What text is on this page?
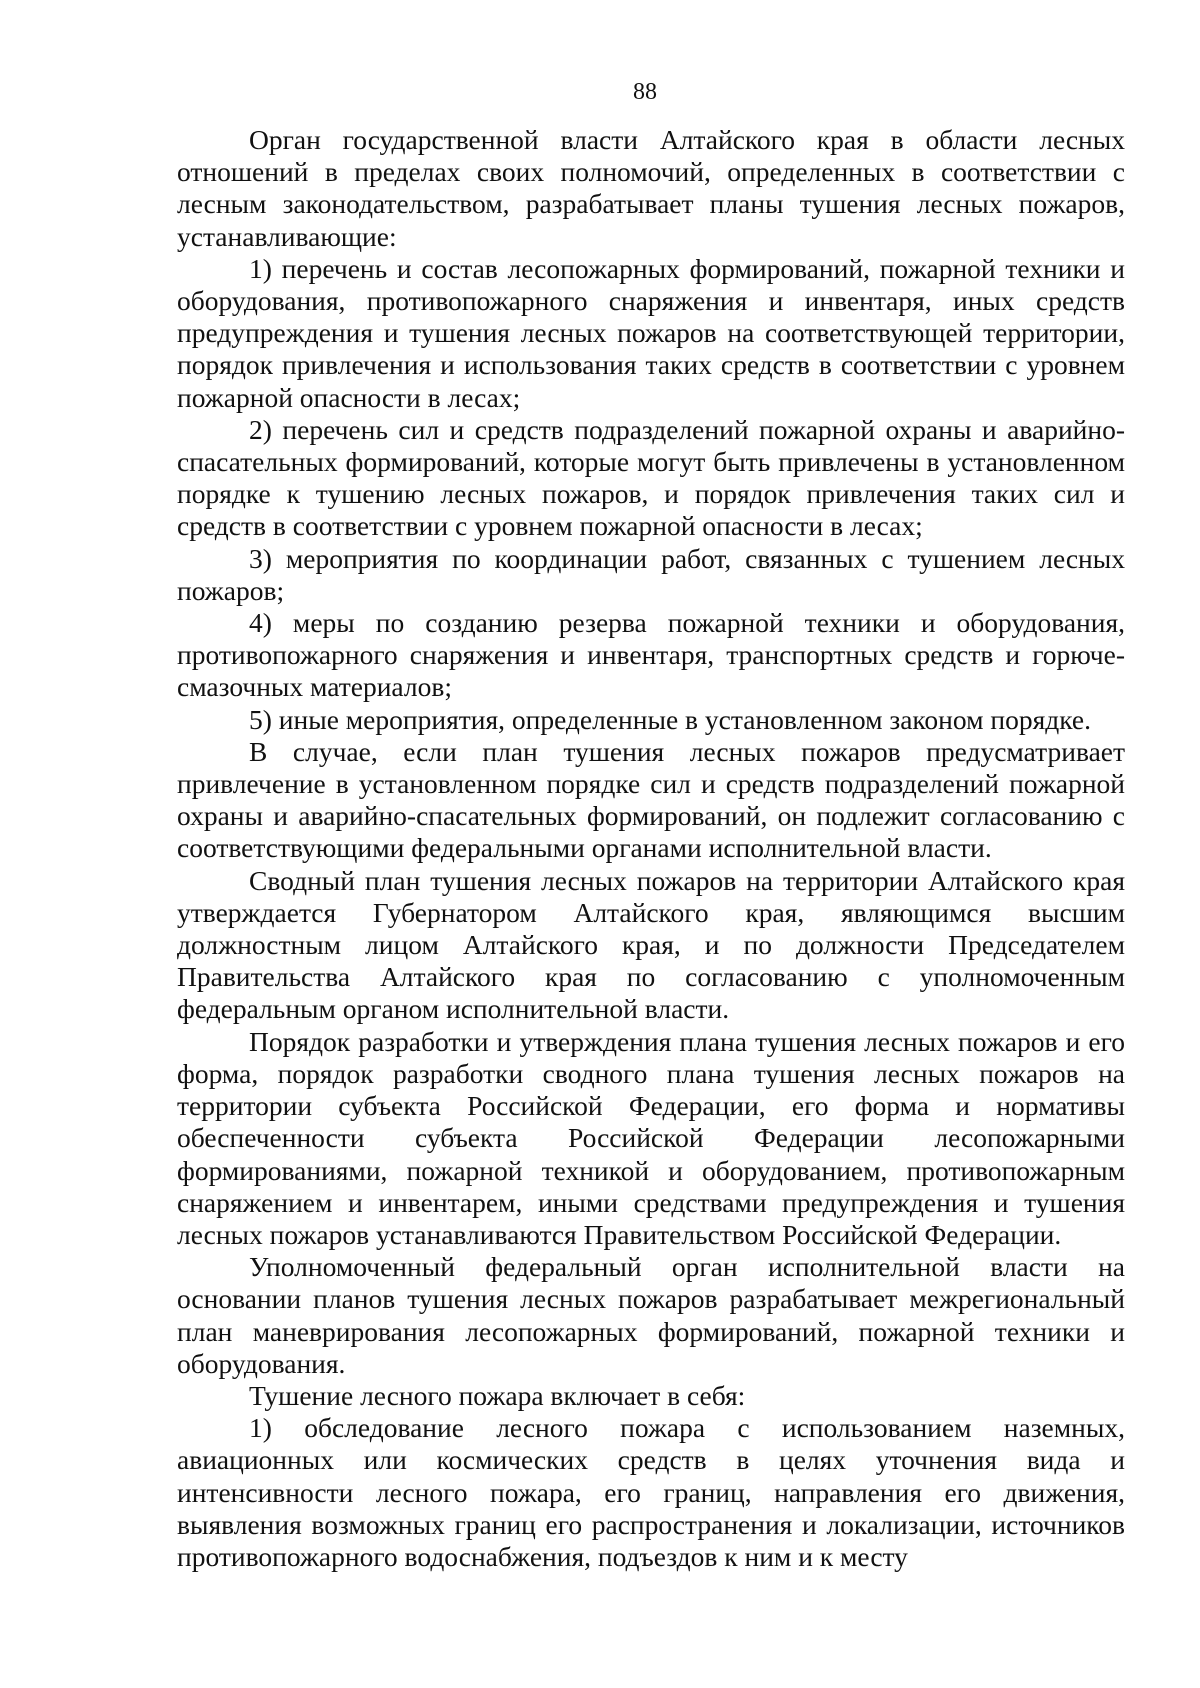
88

Орган государственной власти Алтайского края в области лесных отношений в пределах своих полномочий, определенных в соответствии с лесным законодательством, разрабатывает планы тушения лесных пожаров, устанавливающие:

1) перечень и состав лесопожарных формирований, пожарной техники и оборудования, противопожарного снаряжения и инвентаря, иных средств предупреждения и тушения лесных пожаров на соответствующей территории, порядок привлечения и использования таких средств в соответствии с уровнем пожарной опасности в лесах;

2) перечень сил и средств подразделений пожарной охраны и аварийно-спасательных формирований, которые могут быть привлечены в установленном порядке к тушению лесных пожаров, и порядок привлечения таких сил и средств в соответствии с уровнем пожарной опасности в лесах;

3) мероприятия по координации работ, связанных с тушением лесных пожаров;

4) меры по созданию резерва пожарной техники и оборудования, противопожарного снаряжения и инвентаря, транспортных средств и горюче-смазочных материалов;

5) иные мероприятия, определенные в установленном законом порядке.

В случае, если план тушения лесных пожаров предусматривает привлечение в установленном порядке сил и средств подразделений пожарной охраны и аварийно-спасательных формирований, он подлежит согласованию с соответствующими федеральными органами исполнительной власти.

Сводный план тушения лесных пожаров на территории Алтайского края утверждается Губернатором Алтайского края, являющимся высшим должностным лицом Алтайского края, и по должности Председателем Правительства Алтайского края по согласованию с уполномоченным федеральным органом исполнительной власти.

Порядок разработки и утверждения плана тушения лесных пожаров и его форма, порядок разработки сводного плана тушения лесных пожаров на территории субъекта Российской Федерации, его форма и нормативы обеспеченности субъекта Российской Федерации лесопожарными формированиями, пожарной техникой и оборудованием, противопожарным снаряжением и инвентарем, иными средствами предупреждения и тушения лесных пожаров устанавливаются Правительством Российской Федерации.

Уполномоченный федеральный орган исполнительной власти на основании планов тушения лесных пожаров разрабатывает межрегиональный план маневрирования лесопожарных формирований, пожарной техники и оборудования.

Тушение лесного пожара включает в себя:

1) обследование лесного пожара с использованием наземных, авиационных или космических средств в целях уточнения вида и интенсивности лесного пожара, его границ, направления его движения, выявления возможных границ его распространения и локализации, источников противопожарного водоснабжения, подъездов к ним и к месту
